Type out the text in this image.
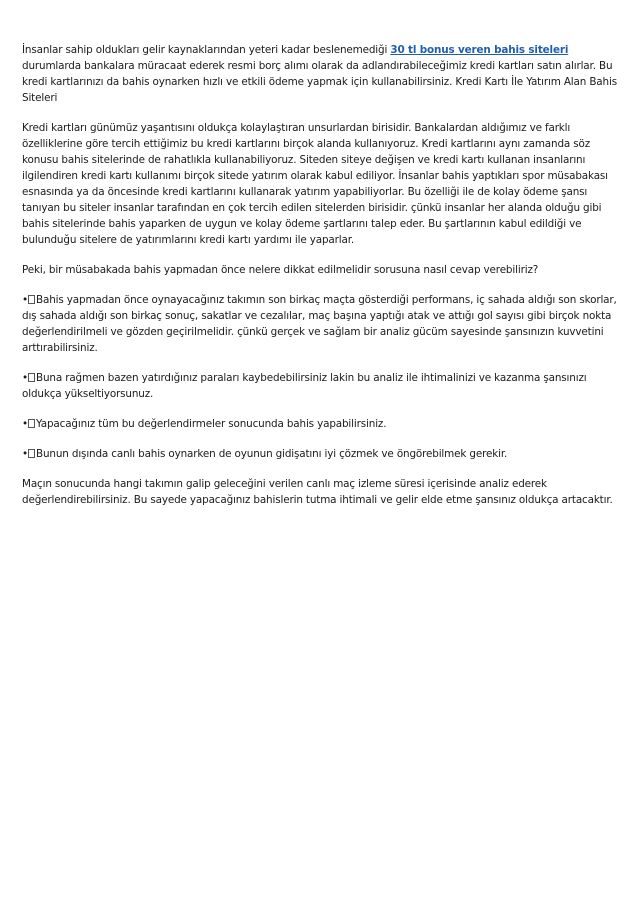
İnsanlar sahip oldukları gelir kaynaklarından yeteri kadar beslenemediği 30 tl bonus veren bahis siteleri durumlarda bankalara müracaat ederek resmi borç alımı olarak da adlandırabileceğimiz kredi kartları satın alırlar. Bu kredi kartlarınızı da bahis oynarken hızlı ve etkili ödeme yapmak için kullanabilirsiniz. Kredi Kartı İle Yatırım Alan Bahis Siteleri

Kredi kartları günümüz yaşantısını oldukça kolaylaştıran unsurlardan birisidir. Bankalardan aldığımız ve farklı özelliklerine göre tercih ettiğimiz bu kredi kartlarını birçok alanda kullanıyoruz. Kredi kartlarını aynı zamanda söz konusu bahis sitelerinde de rahatlıkla kullanabiliyoruz. Siteden siteye değişen ve kredi kartı kullanan insanlarını ilgilendiren kredi kartı kullanımı birçok sitede yatırım olarak kabul ediliyor. İnsanlar bahis yaptıkları spor müsabakası esnasında ya da öncesinde kredi kartlarını kullanarak yatırım yapabiliyorlar. Bu özelliği ile de kolay ödeme şansı tanıyan bu siteler insanlar tarafından en çok tercih edilen sitelerden birisidir. çünkü insanlar her alanda olduğu gibi bahis sitelerinde bahis yaparken de uygun ve kolay ödeme şartlarını talep eder. Bu şartlarının kabul edildiği ve bulunduğu sitelere de yatırımlarını kredi kartı yardımı ile yaparlar.

Peki, bir müsabakada bahis yapmadan önce nelere dikkat edilmelidir sorusuna nasıl cevap verebiliriz?

• Bahis yapmadan önce oynayacağınız takımın son birkaç maçta gösterdiği performans, iç sahada aldığı son skorlar, dış sahada aldığı son birkaç sonuç, sakatlar ve cezalılar, maç başına yaptığı atak ve attığı gol sayısı gibi birçok nokta değerlendirilmeli ve gözden geçirilmelidir. çünkü gerçek ve sağlam bir analiz gücüm sayesinde şansınızın kuvvetini arttırabilirsiniz.

• Buna rağmen bazen yatırdığınız paraları kaybedebilirsiniz lakin bu analiz ile ihtimalinizi ve kazanma şansınızı oldukça yükseltiyorsunuz.

• Yapacağınız tüm bu değerlendirmeler sonucunda bahis yapabilirsiniz.

• Bunun dışında canlı bahis oynarken de oyunun gidişatını iyi çözmek ve öngörebilmek gerekir.

Maçın sonucunda hangi takımın galip geleceğini verilen canlı maç izleme süresi içerisinde analiz ederek değerlendirebilirsiniz. Bu sayede yapacağınız bahislerin tutma ihtimali ve gelir elde etme şansınız oldukça artacaktır.
